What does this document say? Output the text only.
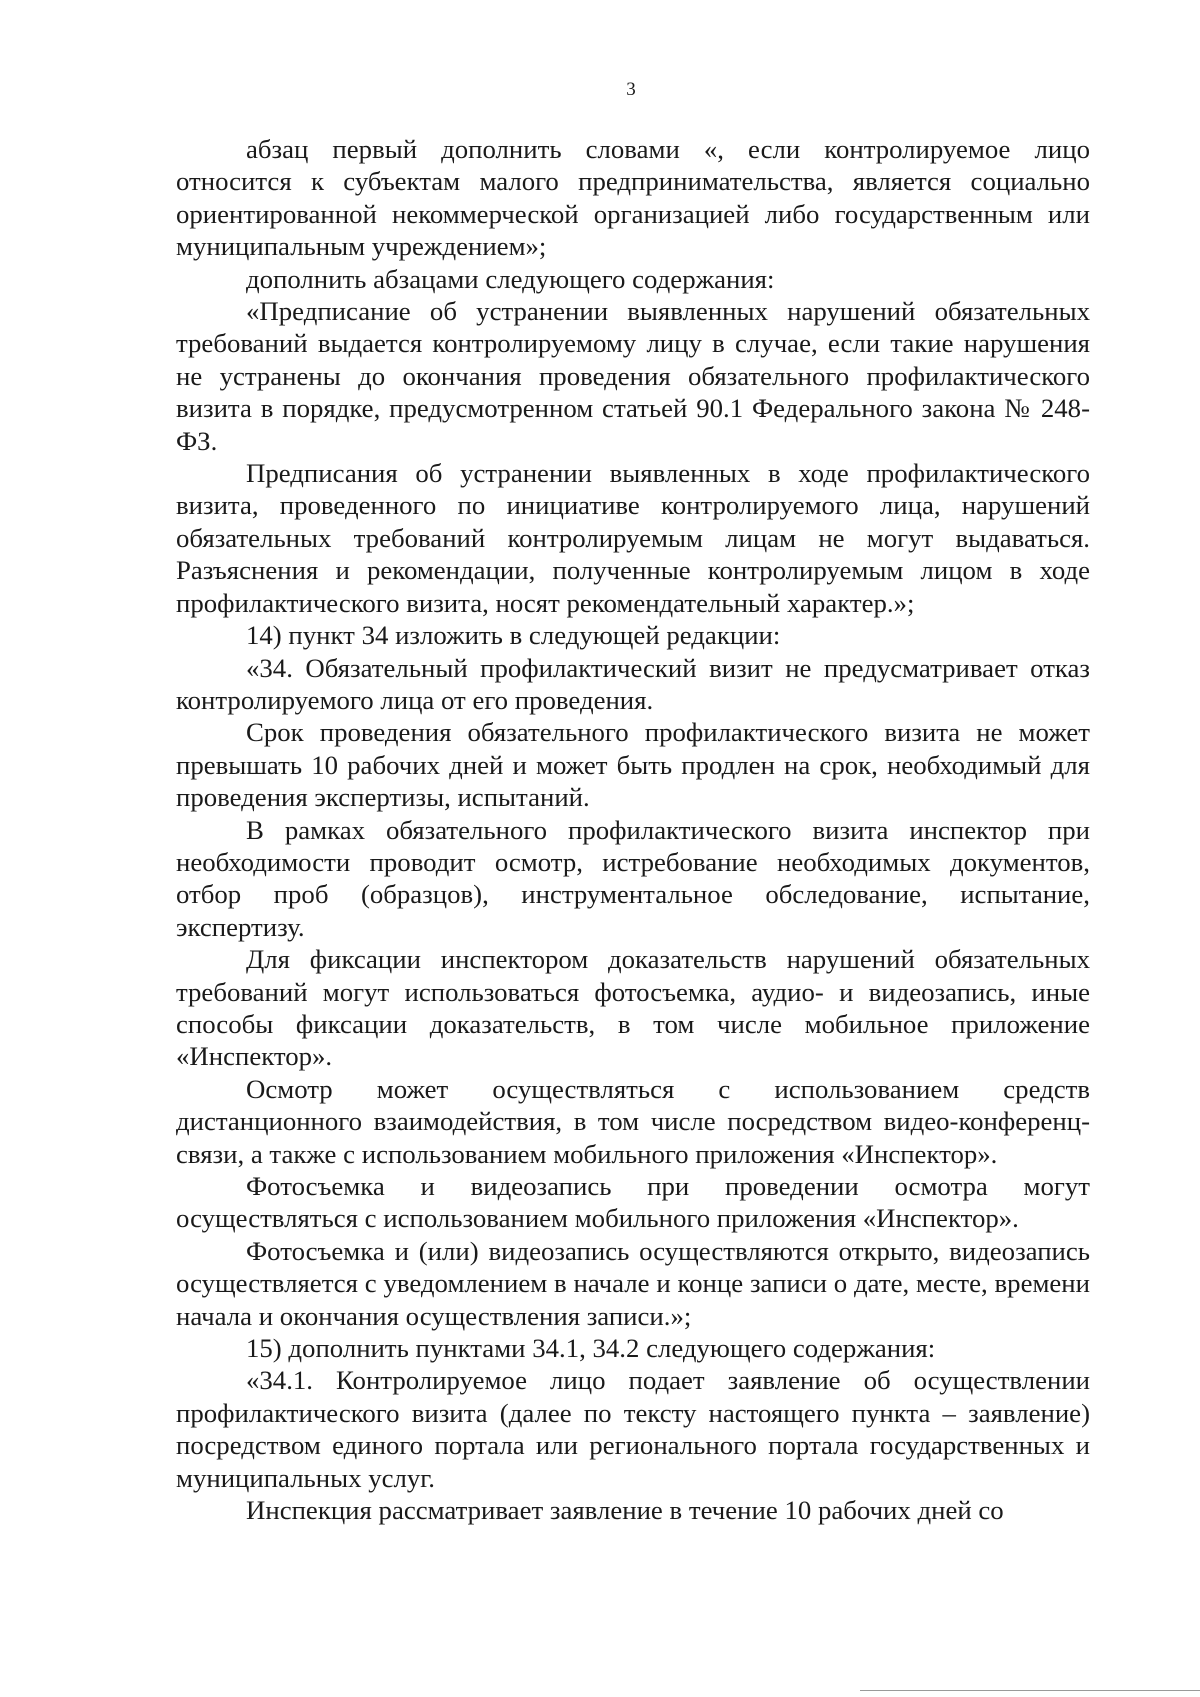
3

абзац первый дополнить словами «, если контролируемое лицо относится к субъектам малого предпринимательства, является социально ориентированной некоммерческой организацией либо государственным или муниципальным учреждением»;

дополнить абзацами следующего содержания:

«Предписание об устранении выявленных нарушений обязательных требований выдается контролируемому лицу в случае, если такие нарушения не устранены до окончания проведения обязательного профилактического визита в порядке, предусмотренном статьей 90.1 Федерального закона № 248-ФЗ.

Предписания об устранении выявленных в ходе профилактического визита, проведенного по инициативе контролируемого лица, нарушений обязательных требований контролируемым лицам не могут выдаваться. Разъяснения и рекомендации, полученные контролируемым лицом в ходе профилактического визита, носят рекомендательный характер.»;

14) пункт 34 изложить в следующей редакции:

«34. Обязательный профилактический визит не предусматривает отказ контролируемого лица от его проведения.

Срок проведения обязательного профилактического визита не может превышать 10 рабочих дней и может быть продлен на срок, необходимый для проведения экспертизы, испытаний.

В рамках обязательного профилактического визита инспектор при необходимости проводит осмотр, истребование необходимых документов, отбор проб (образцов), инструментальное обследование, испытание, экспертизу.

Для фиксации инспектором доказательств нарушений обязательных требований могут использоваться фотосъемка, аудио- и видеозапись, иные способы фиксации доказательств, в том числе мобильное приложение «Инспектор».

Осмотр может осуществляться с использованием средств дистанционного взаимодействия, в том числе посредством видео-конференц-связи, а также с использованием мобильного приложения «Инспектор».

Фотосъемка и видеозапись при проведении осмотра могут осуществляться с использованием мобильного приложения «Инспектор».

Фотосъемка и (или) видеозапись осуществляются открыто, видеозапись осуществляется с уведомлением в начале и конце записи о дате, месте, времени начала и окончания осуществления записи.»;

15) дополнить пунктами 34.1, 34.2 следующего содержания:

«34.1. Контролируемое лицо подает заявление об осуществлении профилактического визита (далее по тексту настоящего пункта – заявление) посредством единого портала или регионального портала государственных и муниципальных услуг.

Инспекция рассматривает заявление в течение 10 рабочих дней со
